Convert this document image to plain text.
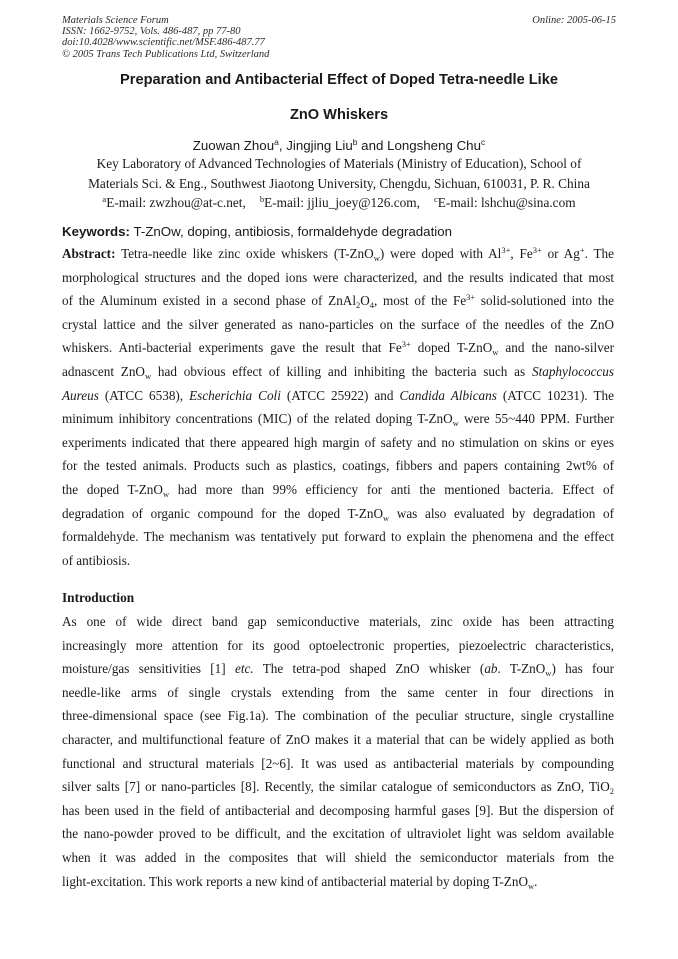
Materials Science Forum	Online: 2005-06-15
ISSN: 1662-9752, Vols. 486-487, pp 77-80
doi:10.4028/www.scientific.net/MSF.486-487.77
© 2005 Trans Tech Publications Ltd, Switzerland
Preparation and Antibacterial Effect of Doped Tetra-needle Like
ZnO Whiskers
Zuowan Zhou$^a$, Jingjing Liu$^b$ and Longsheng Chu$^c$
Key Laboratory of Advanced Technologies of Materials (Ministry of Education), School of
Materials Sci. & Eng., Southwest Jiaotong University, Chengdu, Sichuan, 610031, P. R. China
$^a$E-mail: zwzhou@at-c.net, $^b$E-mail: jjliu_joey@126.com, $^c$E-mail: lshchu@sina.com
Keywords: T-ZnOw, doping, antibiosis, formaldehyde degradation
Abstract: Tetra-needle like zinc oxide whiskers (T-ZnO$_w$) were doped with $Al^{3+}$, $Fe^{3+}$ or Ag+. The
morphological structures and the doped ions were characterized, and the results indicated that most
of the Aluminum existed in a second phase of $ZnAl_2O_4$, most of the $Fe^{3+}$ solid-solutioned into the
crystal lattice and the silver generated as nano-particles on the surface of the needles of the ZnO
whiskers. Anti-bacterial experiments gave the result that $Fe^{3+}$ doped T-ZnO$_w$ and the nano-silver
adnascent ZnO$_w$ had obvious effect of killing and inhibiting the bacteria such as Staphylococcus
Aureus (ATCC 6538), Escherichia Coli (ATCC 25922) and Candida Albicans (ATCC 10231). The
minimum inhibitory concentrations (MIC) of the related doping T-ZnO$_w$ were 55~440 PPM. Further
experiments indicated that there appeared high margin of safety and no stimulation on skins or eyes
for the tested animals. Products such as plastics, coatings, fibbers and papers containing 2wt% of
the doped T-ZnO$_w$ had more than 99% efficiency for anti the mentioned bacteria. Effect of
degradation of organic compound for the doped T-ZnO$_w$ was also evaluated by degradation of
formaldehyde. The mechanism was tentatively put forward to explain the phenomena and the effect
of antibiosis.
Introduction
As one of wide direct band gap semiconductive materials, zinc oxide has been attracting
increasingly more attention for its good optoelectronic properties, piezoelectric characteristics,
moisture/gas sensitivities [1] etc. The tetra-pod shaped ZnO whisker (ab. T-ZnO$_w$) has four
needle-like arms of single crystals extending from the same center in four directions in
three-dimensional space (see Fig.1a). The combination of the peculiar structure, single crystalline
character, and multifunctional feature of ZnO makes it a material that can be widely applied as both
functional and structural materials [2~6]. It was used as antibacterial materials by compounding
silver salts [7] or nano-particles [8]. Recently, the similar catalogue of semiconductors as ZnO, TiO$_2$
has been used in the field of antibacterial and decomposing harmful gases [9]. But the dispersion of
the nano-powder proved to be difficult, and the excitation of ultraviolet light was seldom available
when it was added in the composites that will shield the semiconductor materials from the
light-excitation. This work reports a new kind of antibacterial material by doping T-ZnO$_w$.
